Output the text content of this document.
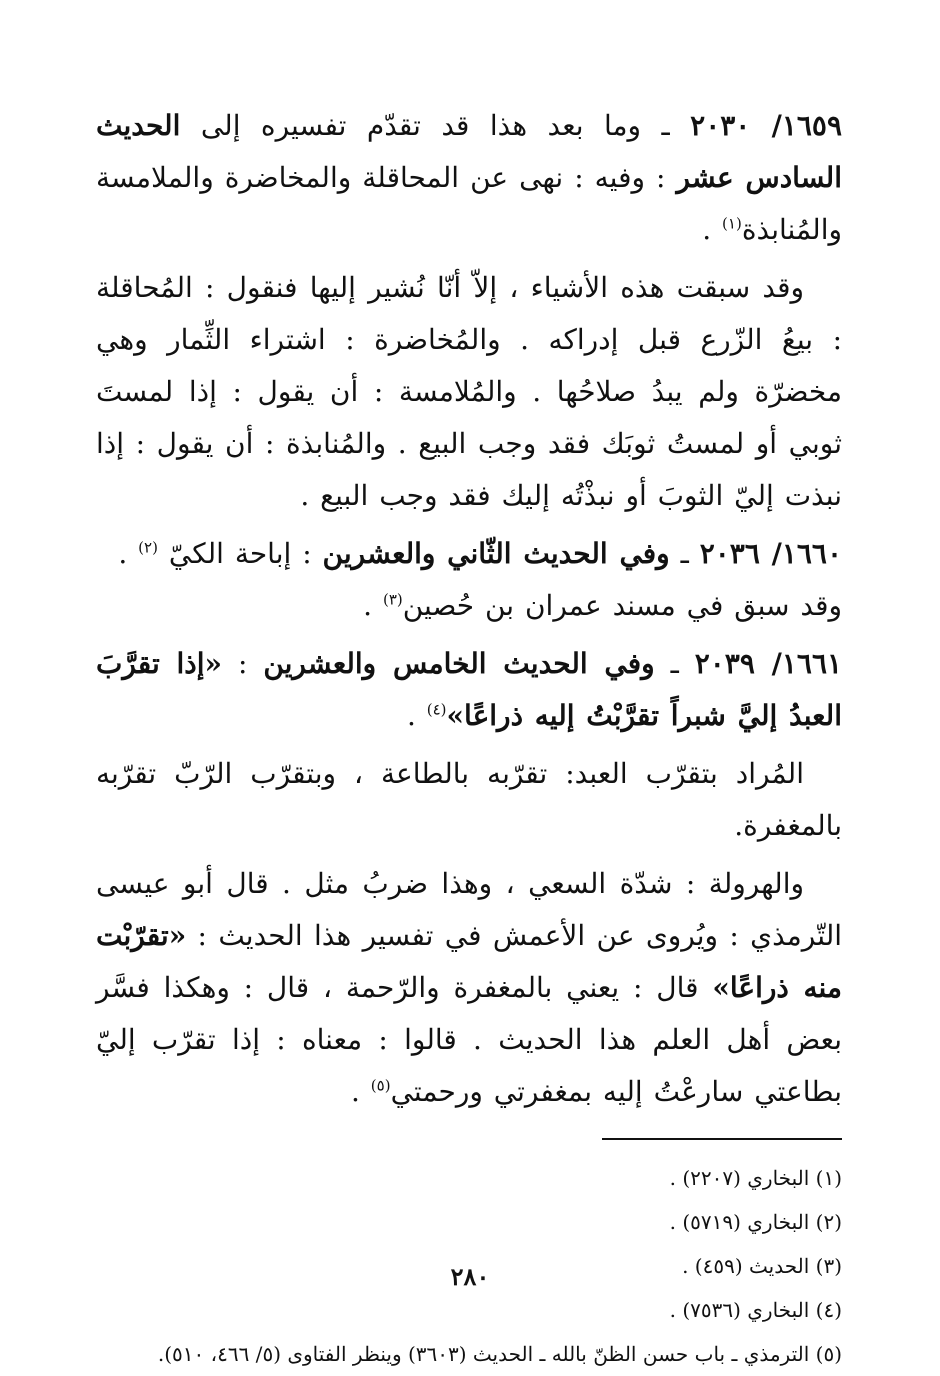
١٦٥٩/ ٢٠٣٠ ـ وما بعد هذا قد تقدّم تفسيره إلى الحديث السادس عشر : وفيه : نهى عن المحاقلة والمخاضرة والملامسة والمُنابذة$^{(١)}$ .

وقد سبقت هذه الأشياء ، إلاّ أنّا نُشير إليها فنقول : المُحاقلة : بيعُ الزّرع قبل إدراكه . والمُخاضرة : اشتراء الثِّمار وهي مخضرّة ولم يبدُ صلاحُها . والمُلامسة : أن يقول : إذا لمستَ ثوبي أو لمستُ ثوبَك فقد وجب البيع . والمُنابذة : أن يقول : إذا نبذت إليّ الثوبَ أو نبذْتُه إليك فقد وجب البيع .

١٦٦٠/ ٢٠٣٦ ـ وفي الحديث الثّاني والعشرين : إباحة الكيّ $^{(٢)}$ .
وقد سبق في مسند عمران بن حُصين$^{(٣)}$ .

١٦٦١/ ٢٠٣٩ ـ وفي الحديث الخامس والعشرين : «إذا تقرَّبَ العبدُ إليَّ شبراً تقرَّبْتُ إليه ذراعًا»$^{(٤)}$ .

المُراد بتقرّب العبد: تقرّبه بالطاعة ، وبتقرّب الرّبّ تقرّبه بالمغفرة.

والهرولة : شدّة السعي ، وهذا ضربُ مثل . قال أبو عيسى التّرمذي : ويُروى عن الأعمش في تفسير هذا الحديث : «تقرّبْت منه ذراعًا» قال : يعني بالمغفرة والرّحمة ، قال : وهكذا فسَّر بعض أهل العلم هذا الحديث . قالوا : معناه : إذا تقرّب إليّ بطاعتي سارعْتُ إليه بمغفرتي ورحمتي$^{(٥)}$ .

(١) البخاري (٢٢٠٧) .
(٢) البخاري (٥٧١٩) .
(٣) الحديث (٤٥٩) .
(٤) البخاري (٧٥٣٦) .
(٥) الترمذي ـ باب حسن الظنّ بالله ـ الحديث (٣٦٠٣) وينظر الفتاوى (٥/ ٤٦٦، ٥١٠).
٢٨٠
